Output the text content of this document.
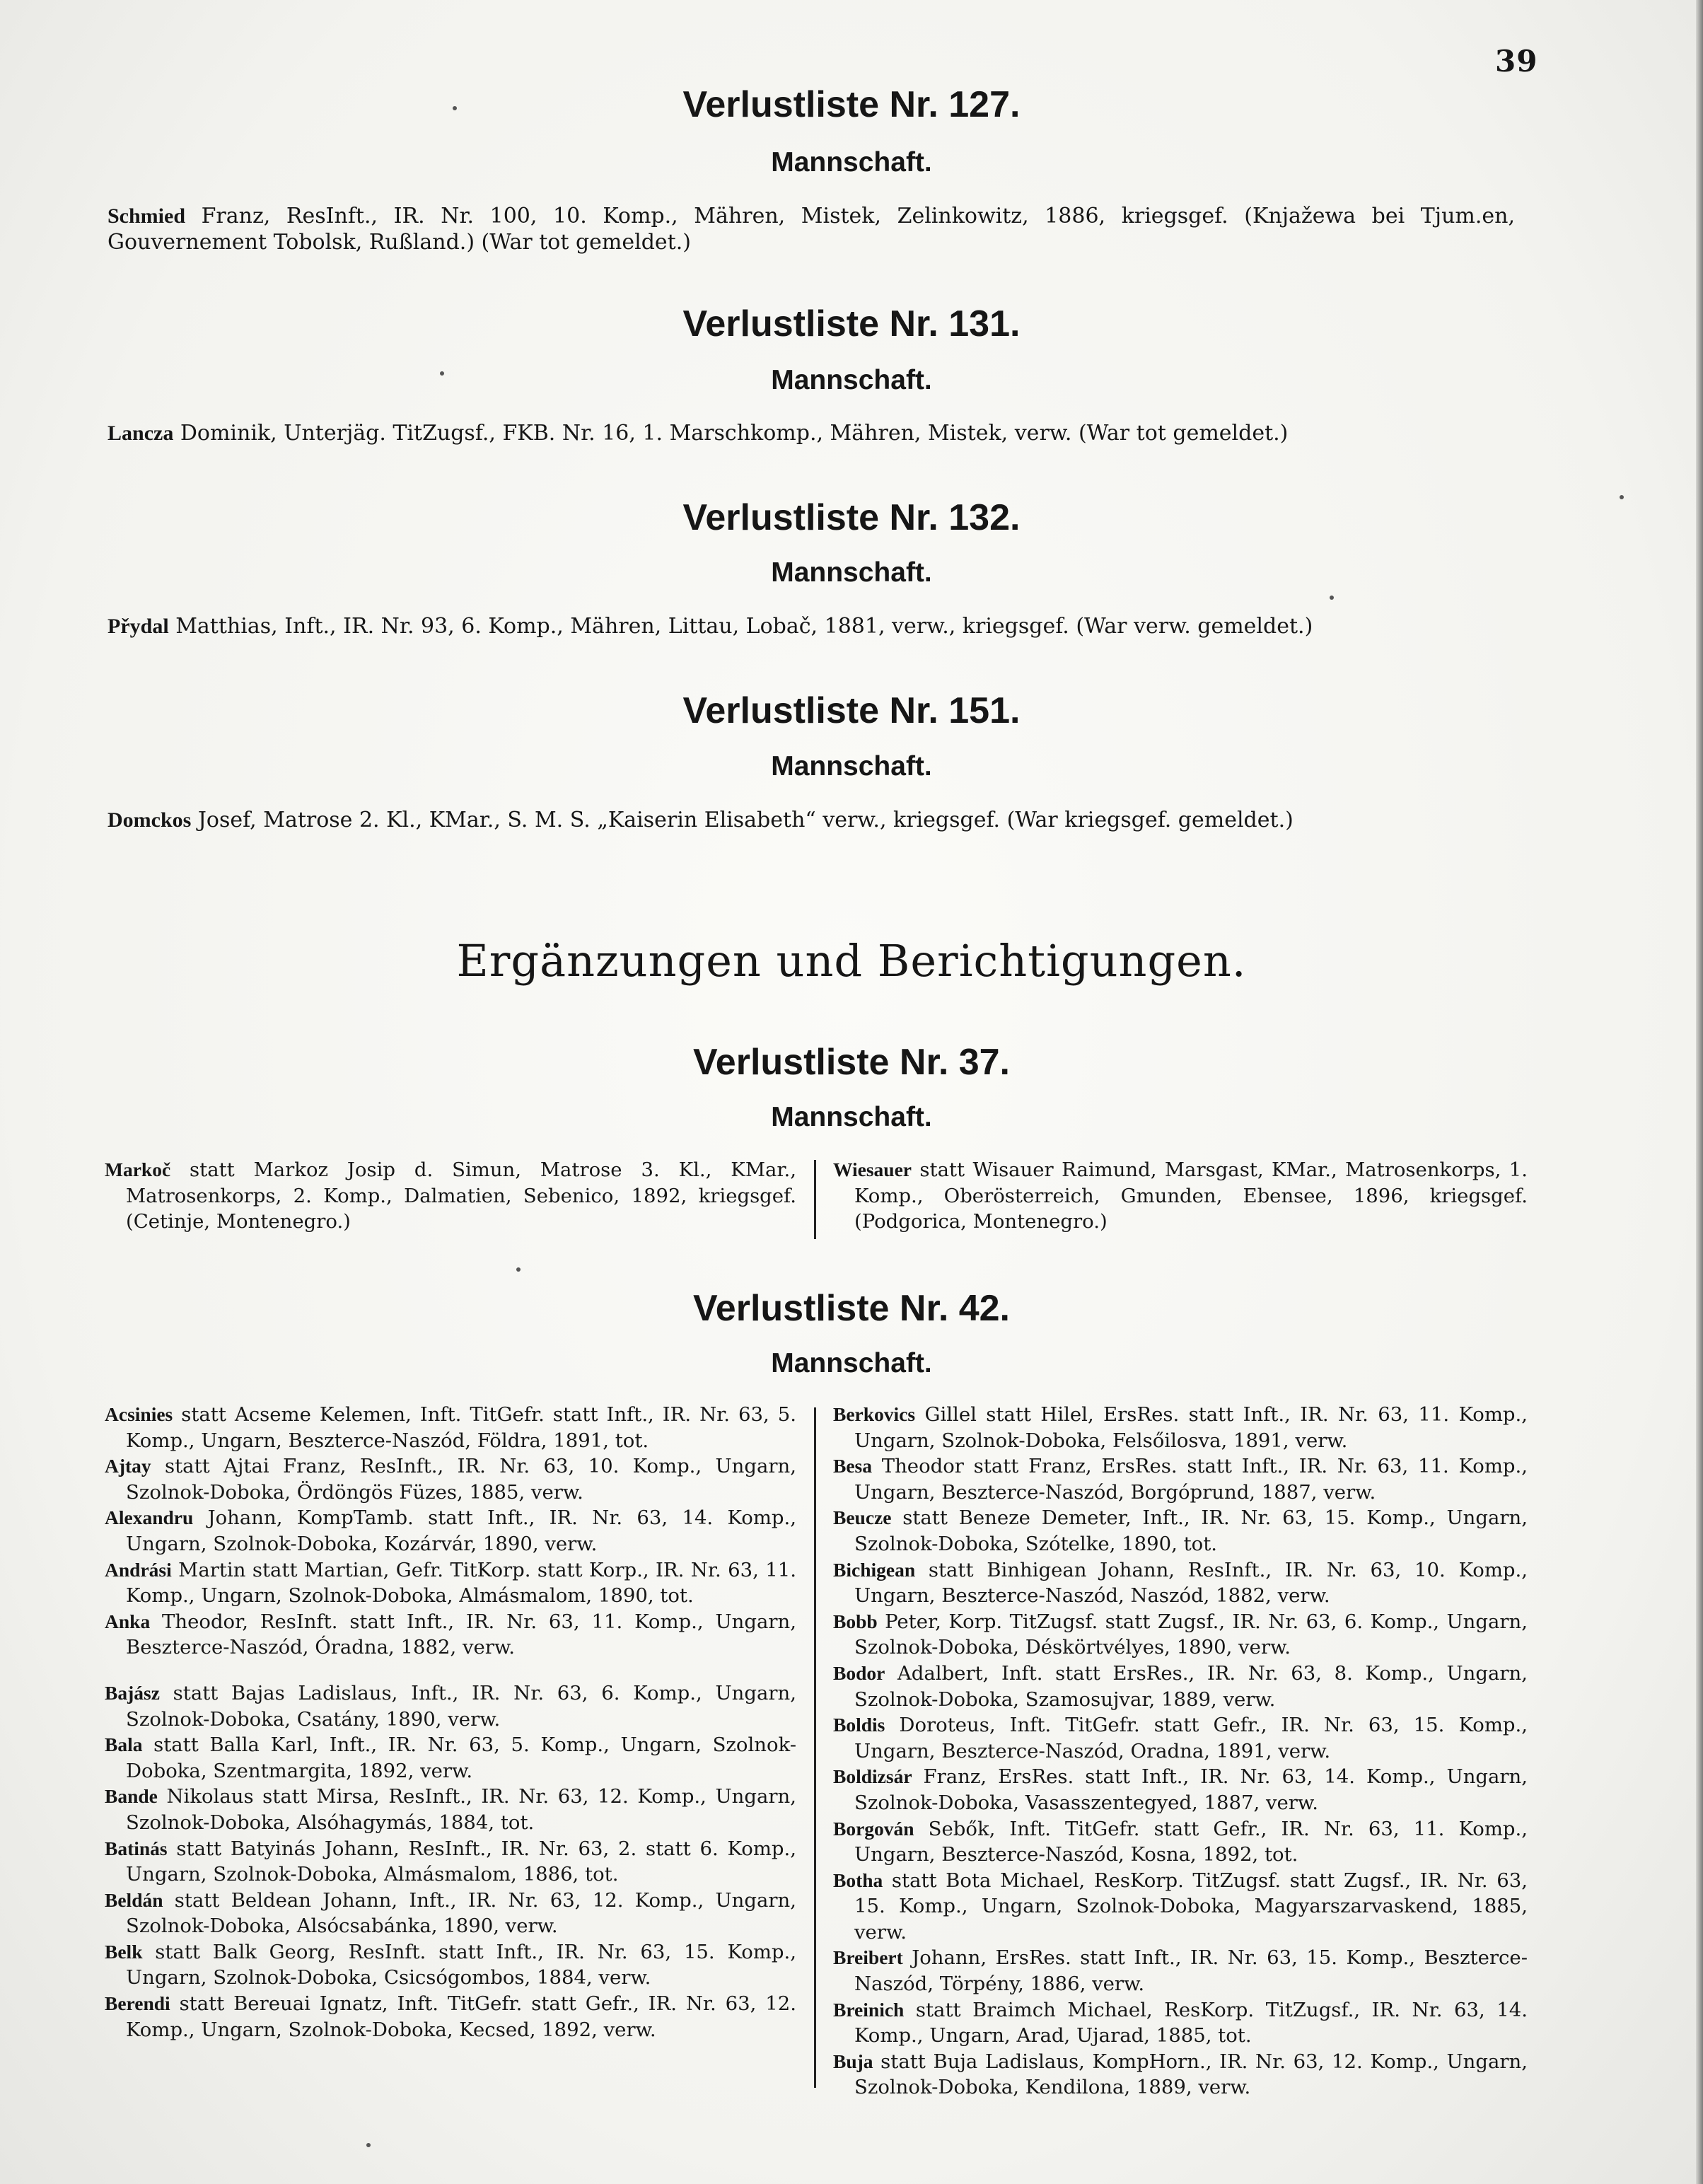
39
Verlustliste Nr. 127.
Mannschaft.
Schmied Franz, ResInft., IR. Nr. 100, 10. Komp., Mähren, Mistek, Zelinkowitz, 1886, kriegsgef. (Knjažewa bei Tjum.en, Gouvernement Tobolsk, Rußland.) (War tot gemeldet.)
Verlustliste Nr. 131.
Mannschaft.
Lancza Dominik, Unterjäg. TitZugsf., FKB. Nr. 16, 1. Marschkomp., Mähren, Mistek, verw. (War tot gemeldet.)
Verlustliste Nr. 132.
Mannschaft.
Přydal Matthias, Inft., IR. Nr. 93, 6. Komp., Mähren, Littau, Lobač, 1881, verw., kriegsgef. (War verw. gemeldet.)
Verlustliste Nr. 151.
Mannschaft.
Domckos Josef, Matrose 2. Kl., KMar., S. M. S. „Kaiserin Elisabeth“ verw., kriegsgef. (War kriegsgef. gemeldet.)
Ergänzungen und Berichtigungen.
Verlustliste Nr. 37.
Mannschaft.
Markoč statt Markoz Josip d. Simun, Matrose 3. Kl., KMar., Matrosenkorps, 2. Komp., Dalmatien, Sebenico, 1892, kriegsgef. (Cetinje, Montenegro.)
Wiesauer statt Wisauer Raimund, Marsgast, KMar., Matrosenkorps, 1. Komp., Oberösterreich, Gmunden, Ebensee, 1896, kriegsgef. (Podgorica, Montenegro.)
Verlustliste Nr. 42.
Mannschaft.
Acsinies statt Acseme Kelemen, Inft. TitGefr. statt Inft., IR. Nr. 63, 5. Komp., Ungarn, Beszterce-Naszód, Földra, 1891, tot.
Ajtay statt Ajtai Franz, ResInft., IR. Nr. 63, 10. Komp., Ungarn, Szolnok-Doboka, Ördöngös Füzes, 1885, verw.
Alexandru Johann, KompTamb. statt Inft., IR. Nr. 63, 14. Komp., Ungarn, Szolnok-Doboka, Kozárvár, 1890, verw.
Andrási Martin statt Martian, Gefr. TitKorp. statt Korp., IR. Nr. 63, 11. Komp., Ungarn, Szolnok-Doboka, Almásmalom, 1890, tot.
Anka Theodor, ResInft. statt Inft., IR. Nr. 63, 11. Komp., Ungarn, Beszterce-Naszód, Óradna, 1882, verw.
Bajász statt Bajas Ladislaus, Inft., IR. Nr. 63, 6. Komp., Ungarn, Szolnok-Doboka, Csatány, 1890, verw.
Bala statt Balla Karl, Inft., IR. Nr. 63, 5. Komp., Ungarn, Szolnok-Doboka, Szentmargita, 1892, verw.
Bande Nikolaus statt Mirsa, ResInft., IR. Nr. 63, 12. Komp., Ungarn, Szolnok-Doboka, Alsóhagymás, 1884, tot.
Batinás statt Batyinás Johann, ResInft., IR. Nr. 63, 2. statt 6. Komp., Ungarn, Szolnok-Doboka, Almásmalom, 1886, tot.
Beldán statt Beldean Johann, Inft., IR. Nr. 63, 12. Komp., Ungarn, Szolnok-Doboka, Alsócsabánka, 1890, verw.
Belk statt Balk Georg, ResInft. statt Inft., IR. Nr. 63, 15. Komp., Ungarn, Szolnok-Doboka, Csicsógombos, 1884, verw.
Berendi statt Bereuai Ignatz, Inft. TitGefr. statt Gefr., IR. Nr. 63, 12. Komp., Ungarn, Szolnok-Doboka, Kecsed, 1892, verw.
Berkovics Gillel statt Hilel, ErsRes. statt Inft., IR. Nr. 63, 11. Komp., Ungarn, Szolnok-Doboka, Felsőilosva, 1891, verw.
Besa Theodor statt Franz, ErsRes. statt Inft., IR. Nr. 63, 11. Komp., Ungarn, Beszterce-Naszód, Borgóprund, 1887, verw.
Beucze statt Beneze Demeter, Inft., IR. Nr. 63, 15. Komp., Ungarn, Szolnok-Doboka, Szótelke, 1890, tot.
Bichigean statt Binhigean Johann, ResInft., IR. Nr. 63, 10. Komp., Ungarn, Beszterce-Naszód, Naszód, 1882, verw.
Bobb Peter, Korp. TitZugsf. statt Zugsf., IR. Nr. 63, 6. Komp., Ungarn, Szolnok-Doboka, Déskörtvélyes, 1890, verw.
Bodor Adalbert, Inft. statt ErsRes., IR. Nr. 63, 8. Komp., Ungarn, Szolnok-Doboka, Szamosujvar, 1889, verw.
Boldis Doroteus, Inft. TitGefr. statt Gefr., IR. Nr. 63, 15. Komp., Ungarn, Beszterce-Naszód, Oradna, 1891, verw.
Boldizsár Franz, ErsRes. statt Inft., IR. Nr. 63, 14. Komp., Ungarn, Szolnok-Doboka, Vasasszentegyed, 1887, verw.
Borgován Sebők, Inft. TitGefr. statt Gefr., IR. Nr. 63, 11. Komp., Ungarn, Beszterce-Naszód, Kosna, 1892, tot.
Botha statt Bota Michael, ResKorp. TitZugsf. statt Zugsf., IR. Nr. 63, 15. Komp., Ungarn, Szolnok-Doboka, Magyarszarvaskend, 1885, verw.
Breibert Johann, ErsRes. statt Inft., IR. Nr. 63, 15. Komp., Beszterce-Naszód, Törpény, 1886, verw.
Breinich statt Braimch Michael, ResKorp. TitZugsf., IR. Nr. 63, 14. Komp., Ungarn, Arad, Ujarad, 1885, tot.
Buja statt Buja Ladislaus, KompHorn., IR. Nr. 63, 12. Komp., Ungarn, Szolnok-Doboka, Kendilona, 1889, verw.
